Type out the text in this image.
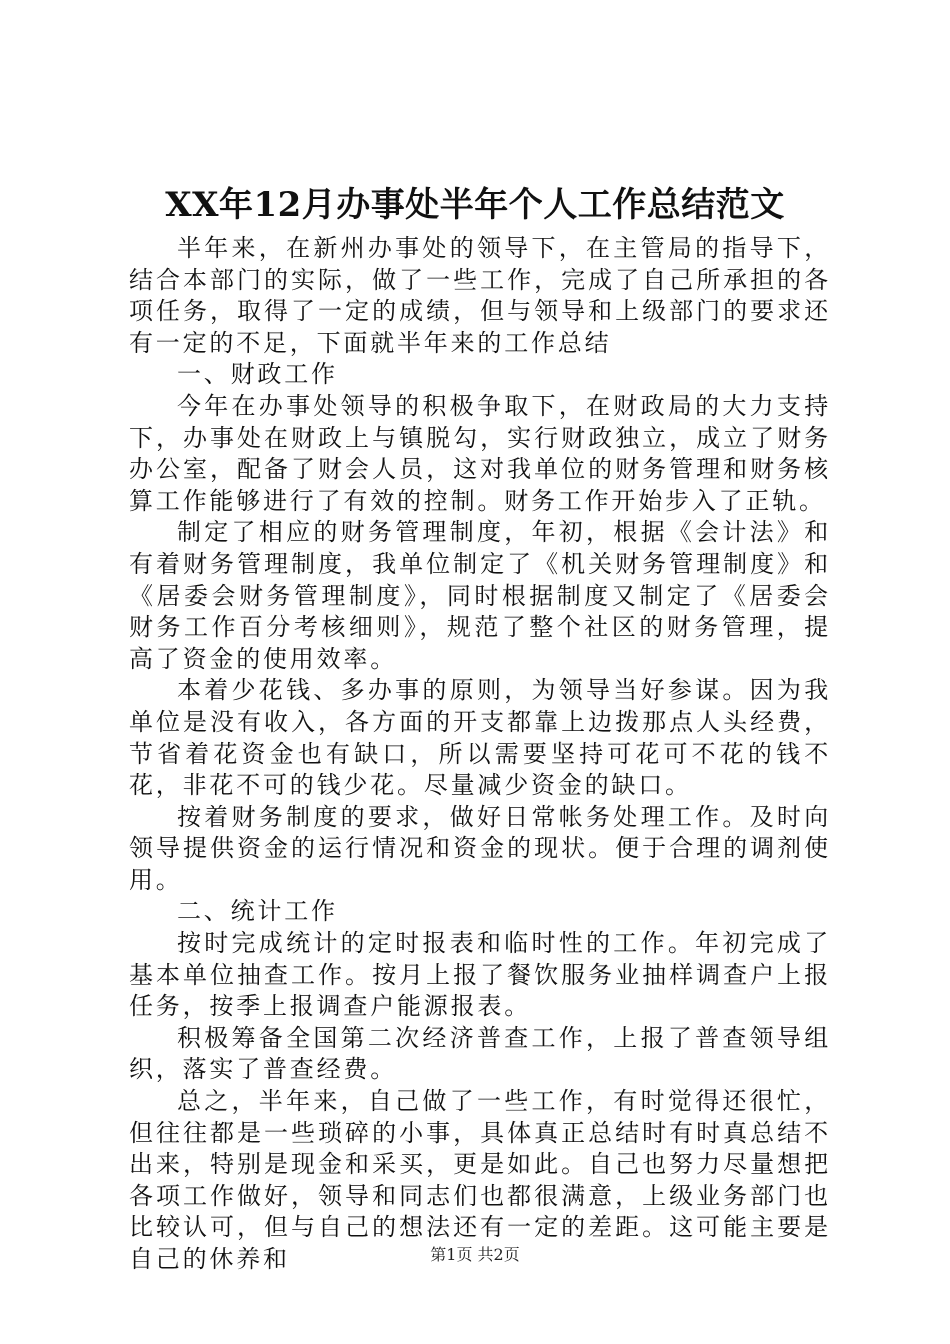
XX年12月办事处半年个人工作总结范文

半年来，在新州办事处的领导下，在主管局的指导下，结合本部门的实际，做了一些工作，完成了自己所承担的各项任务，取得了一定的成绩，但与领导和上级部门的要求还有一定的不足，下面就半年来的工作总结

一、财政工作

今年在办事处领导的积极争取下，在财政局的大力支持下，办事处在财政上与镇脱勾，实行财政独立，成立了财务办公室，配备了财会人员，这对我单位的财务管理和财务核算工作能够进行了有效的控制。财务工作开始步入了正轨。

制定了相应的财务管理制度，年初，根据《会计法》和有着财务管理制度，我单位制定了《机关财务管理制度》和《居委会财务管理制度》，同时根据制度又制定了《居委会财务工作百分考核细则》，规范了整个社区的财务管理，提高了资金的使用效率。

本着少花钱、多办事的原则，为领导当好参谋。因为我单位是没有收入，各方面的开支都靠上边拨那点人头经费，节省着花资金也有缺口，所以需要坚持可花可不花的钱不花，非花不可的钱少花。尽量减少资金的缺口。

按着财务制度的要求，做好日常帐务处理工作。及时向领导提供资金的运行情况和资金的现状。便于合理的调剂使用。

二、统计工作

按时完成统计的定时报表和临时性的工作。年初完成了基本单位抽查工作。按月上报了餐饮服务业抽样调查户上报任务，按季上报调查户能源报表。

积极筹备全国第二次经济普查工作，上报了普查领导组织，落实了普查经费。

总之，半年来，自己做了一些工作，有时觉得还很忙，但往往都是一些琐碎的小事，具体真正总结时有时真总结不出来，特别是现金和采买，更是如此。自己也努力尽量想把各项工作做好，领导和同志们也都很满意，上级业务部门也比较认可，但与自己的想法还有一定的差距。这可能主要是自己的休养和	第1页 共2页
